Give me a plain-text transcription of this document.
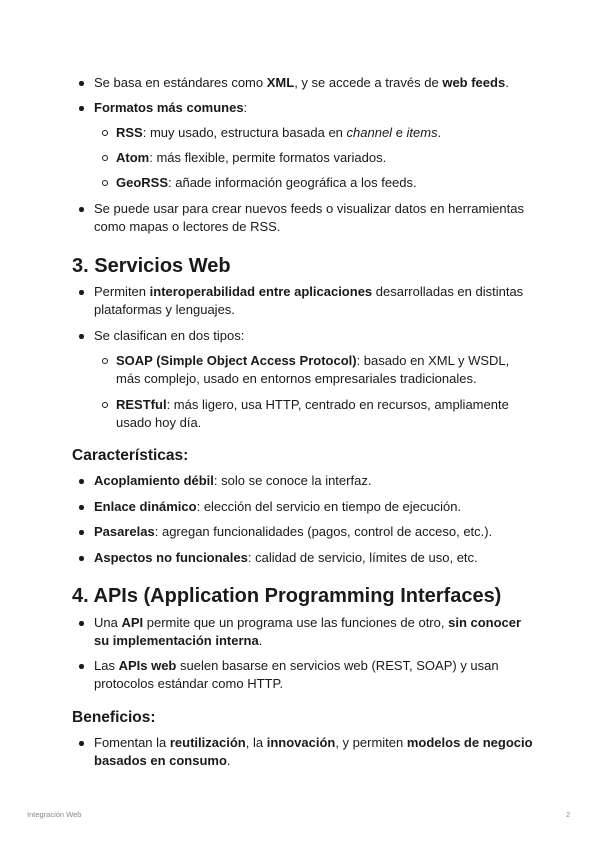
Se basa en estándares como XML, y se accede a través de web feeds.
Formatos más comunes:
RSS: muy usado, estructura basada en channel e items.
Atom: más flexible, permite formatos variados.
GeoRSS: añade información geográfica a los feeds.
Se puede usar para crear nuevos feeds o visualizar datos en herramientas como mapas o lectores de RSS.
3. Servicios Web
Permiten interoperabilidad entre aplicaciones desarrolladas en distintas plataformas y lenguajes.
Se clasifican en dos tipos:
SOAP (Simple Object Access Protocol): basado en XML y WSDL, más complejo, usado en entornos empresariales tradicionales.
RESTful: más ligero, usa HTTP, centrado en recursos, ampliamente usado hoy día.
Características:
Acoplamiento débil: solo se conoce la interfaz.
Enlace dinámico: elección del servicio en tiempo de ejecución.
Pasarelas: agregan funcionalidades (pagos, control de acceso, etc.).
Aspectos no funcionales: calidad de servicio, límites de uso, etc.
4. APIs (Application Programming Interfaces)
Una API permite que un programa use las funciones de otro, sin conocer su implementación interna.
Las APIs web suelen basarse en servicios web (REST, SOAP) y usan protocolos estándar como HTTP.
Beneficios:
Fomentan la reutilización, la innovación, y permiten modelos de negocio basados en consumo.
Integración Web	2
